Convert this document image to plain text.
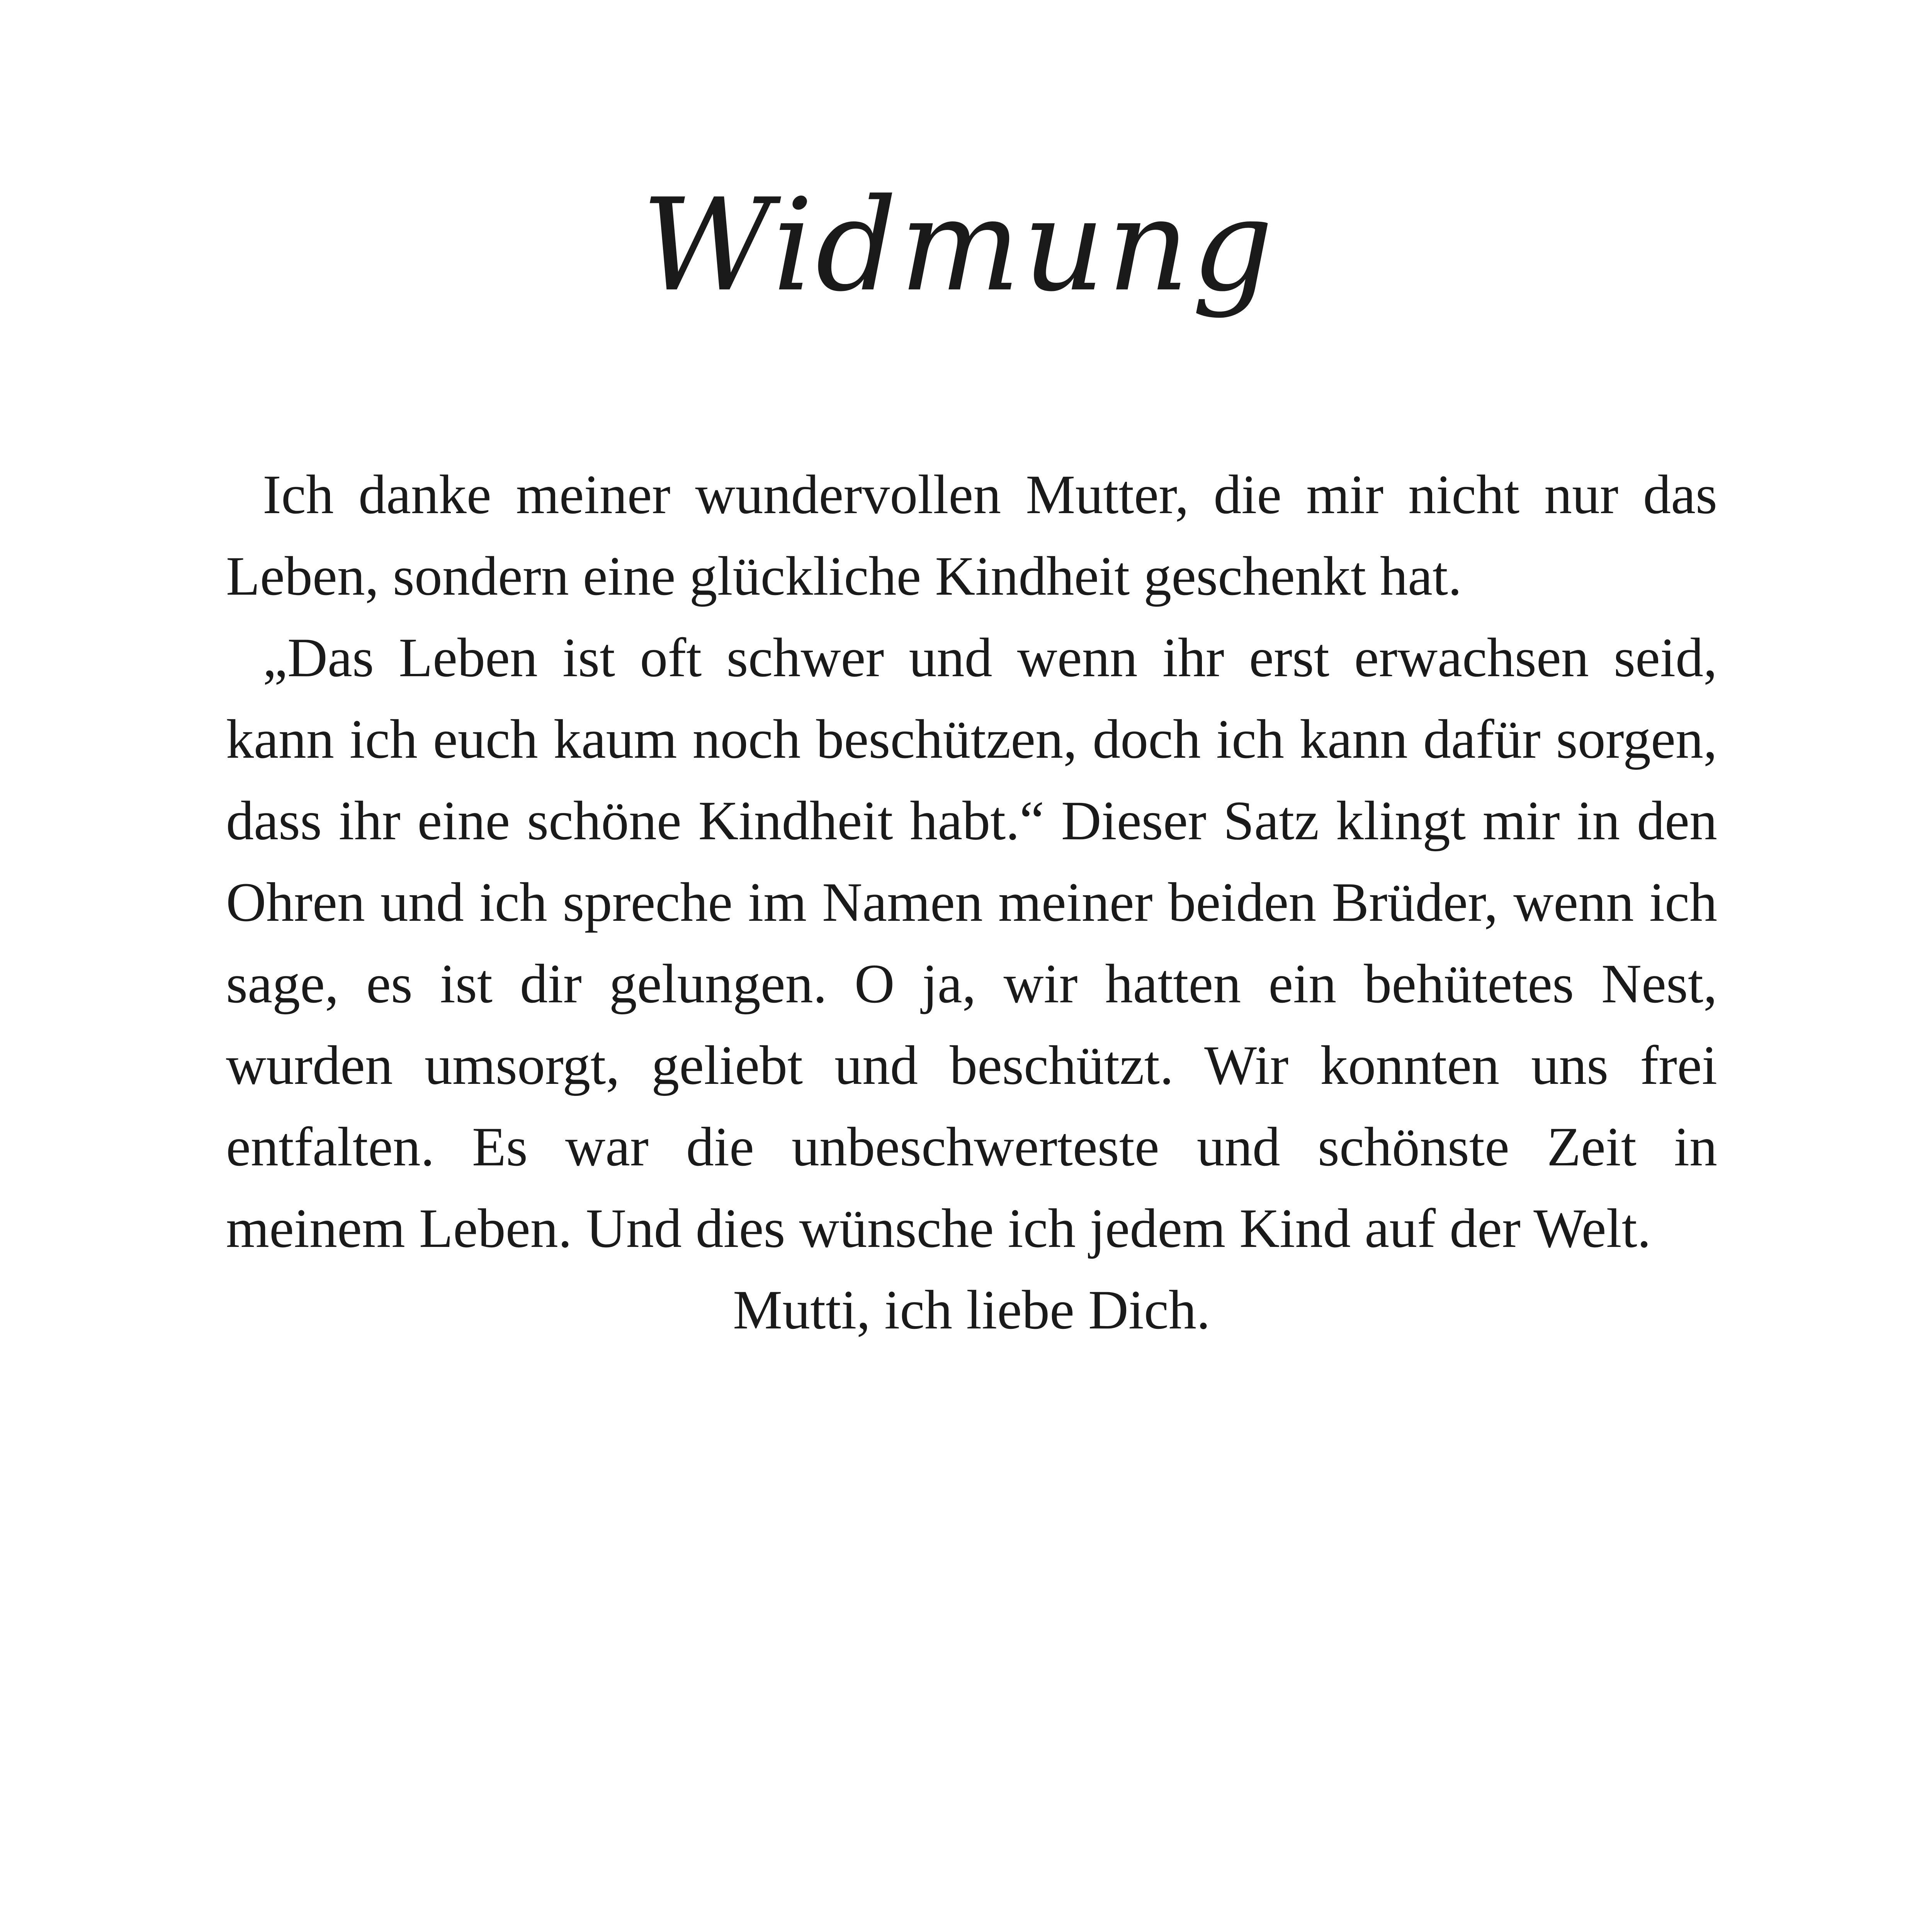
Widmung

Ich danke meiner wundervollen Mutter, die mir nicht nur das Leben, sondern eine glückliche Kindheit geschenkt hat.

„Das Leben ist oft schwer und wenn ihr erst erwachsen seid, kann ich euch kaum noch beschützen, doch ich kann dafür sorgen, dass ihr eine schöne Kindheit habt.“ Dieser Satz klingt mir in den Ohren und ich spreche im Namen meiner beiden Brüder, wenn ich sage, es ist dir gelungen. O ja, wir hatten ein behütetes Nest, wurden umsorgt, geliebt und beschützt. Wir konnten uns frei entfalten. Es war die unbeschwerteste und schönste Zeit in meinem Leben. Und dies wünsche ich jedem Kind auf der Welt.

Mutti, ich liebe Dich.
